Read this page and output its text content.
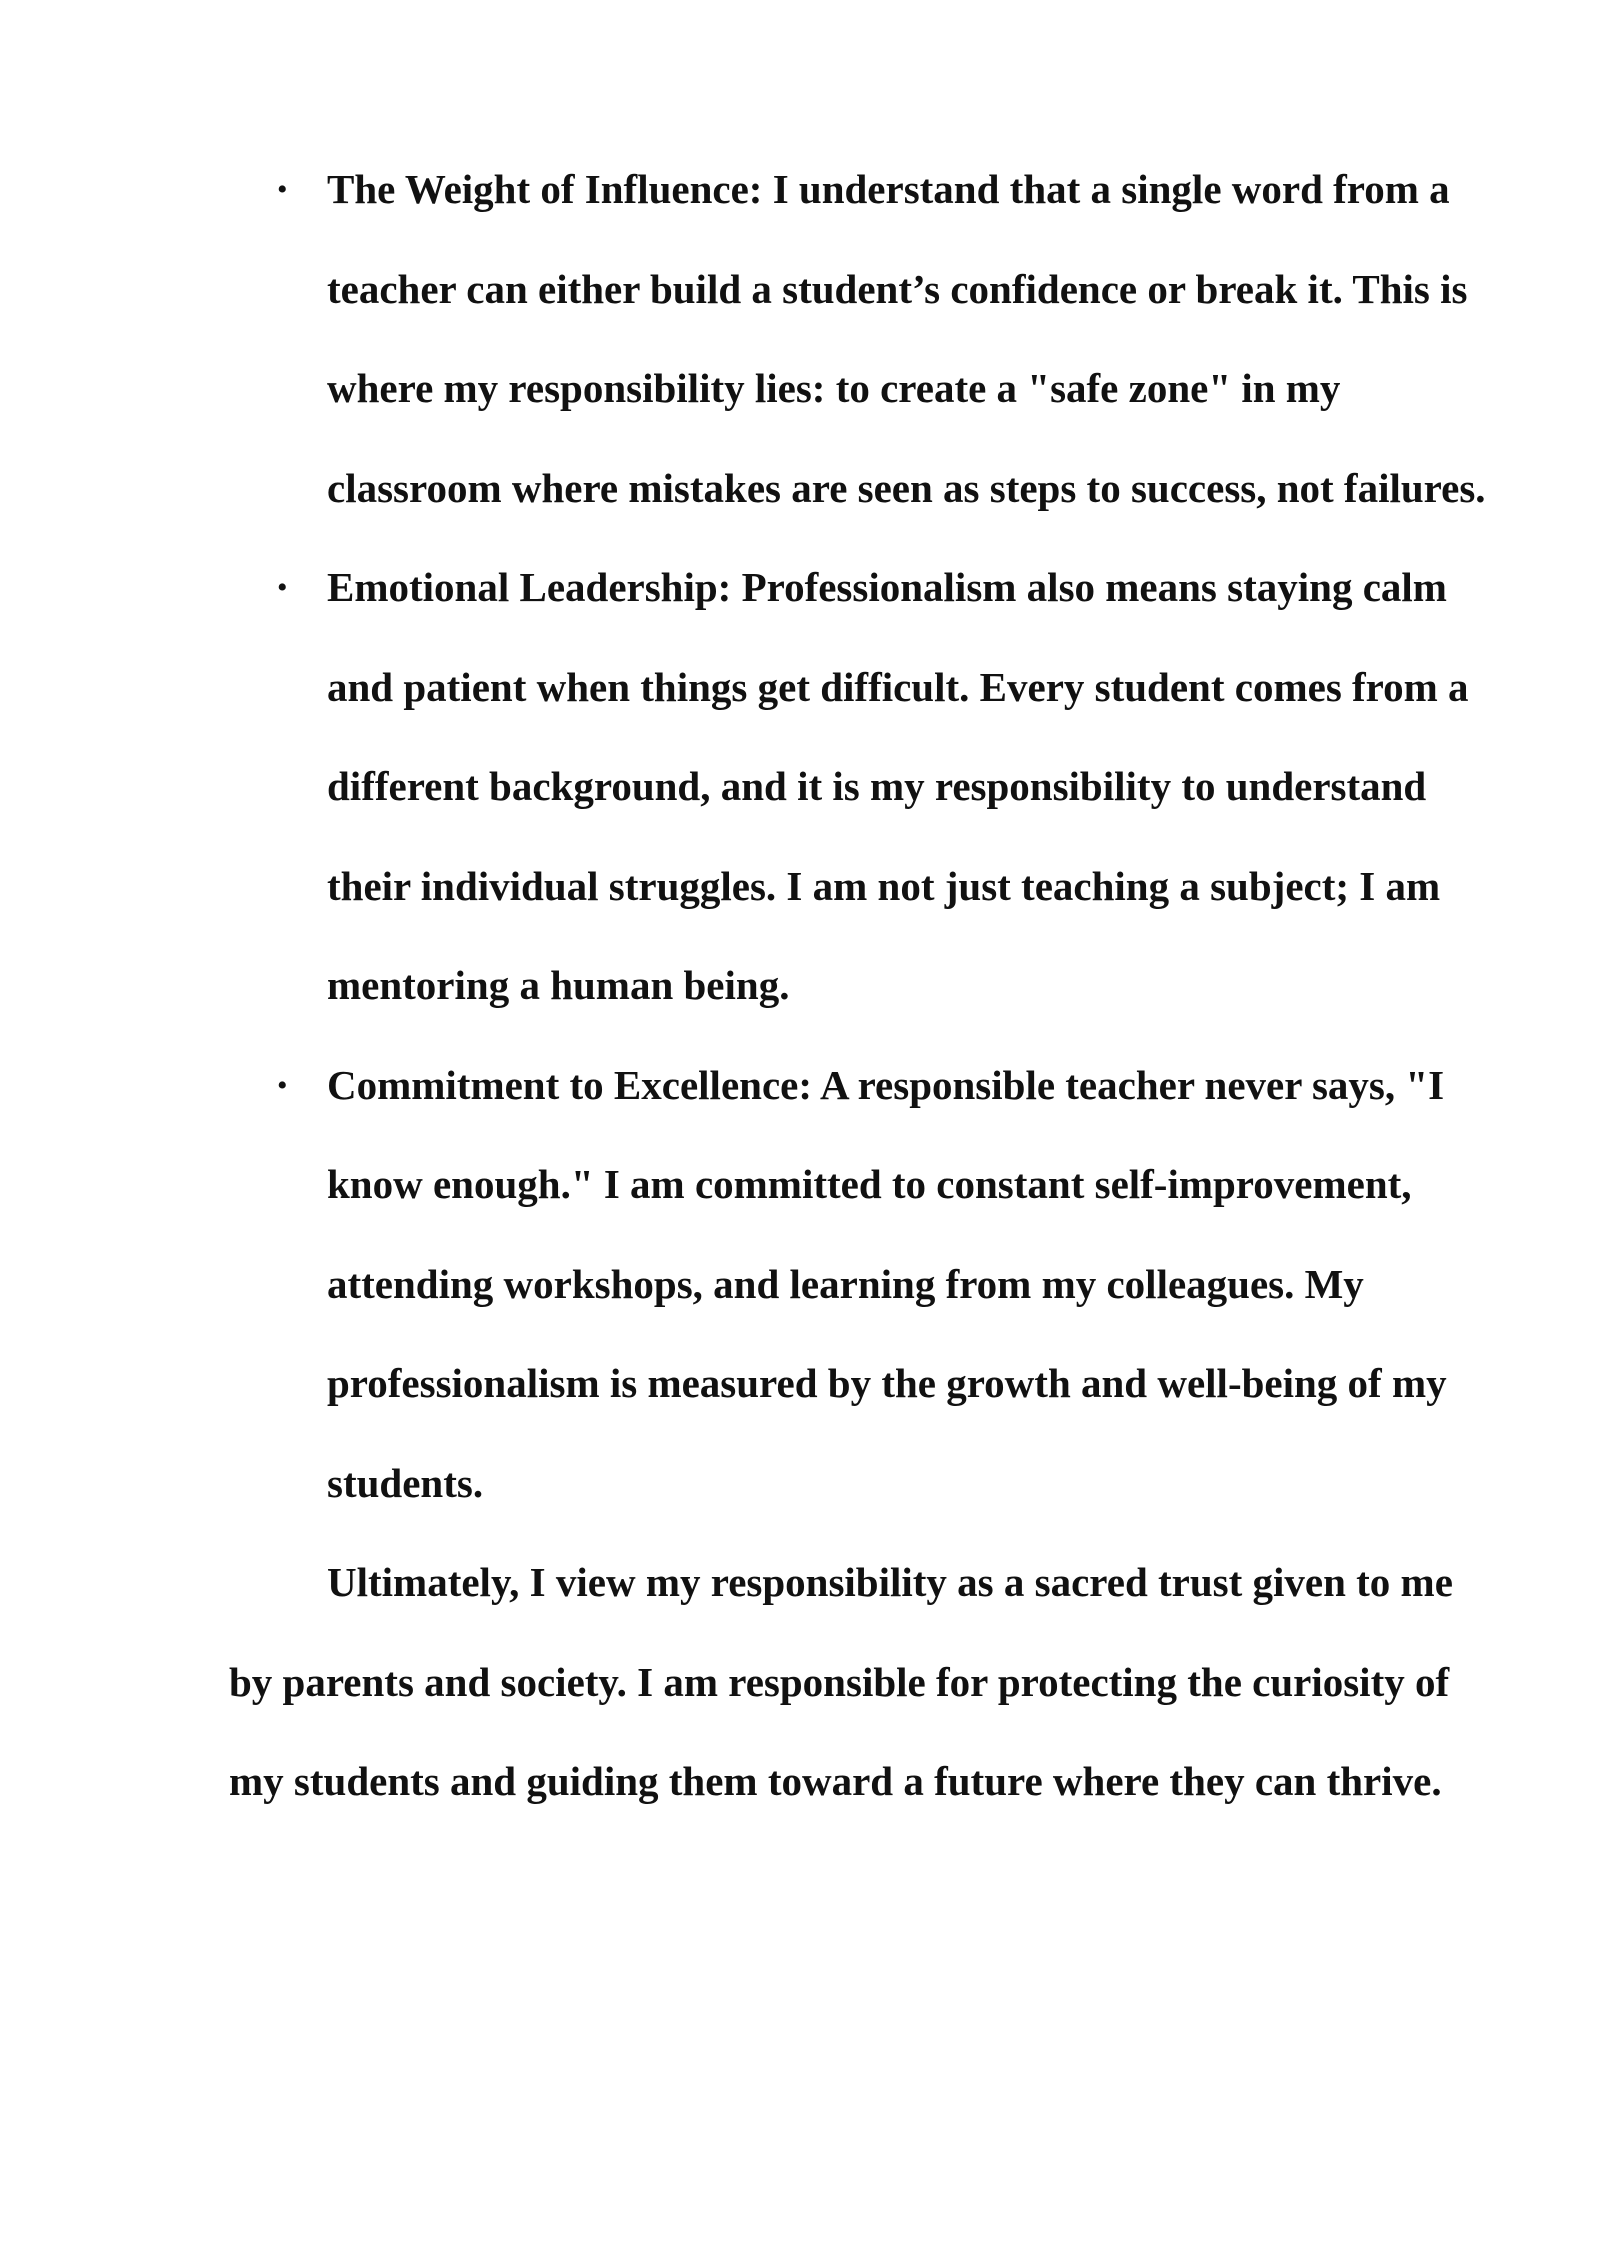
• The Weight of Influence: I understand that a single word from a teacher can either build a student’s confidence or break it. This is where my responsibility lies: to create a "safe zone" in my classroom where mistakes are seen as steps to success, not failures.
• Emotional Leadership: Professionalism also means staying calm and patient when things get difficult. Every student comes from a different background, and it is my responsibility to understand their individual struggles. I am not just teaching a subject; I am mentoring a human being.
• Commitment to Excellence: A responsible teacher never says, "I know enough." I am committed to constant self-improvement, attending workshops, and learning from my colleagues. My professionalism is measured by the growth and well-being of my students.

Ultimately, I view my responsibility as a sacred trust given to me by parents and society. I am responsible for protecting the curiosity of my students and guiding them toward a future where they can thrive.
